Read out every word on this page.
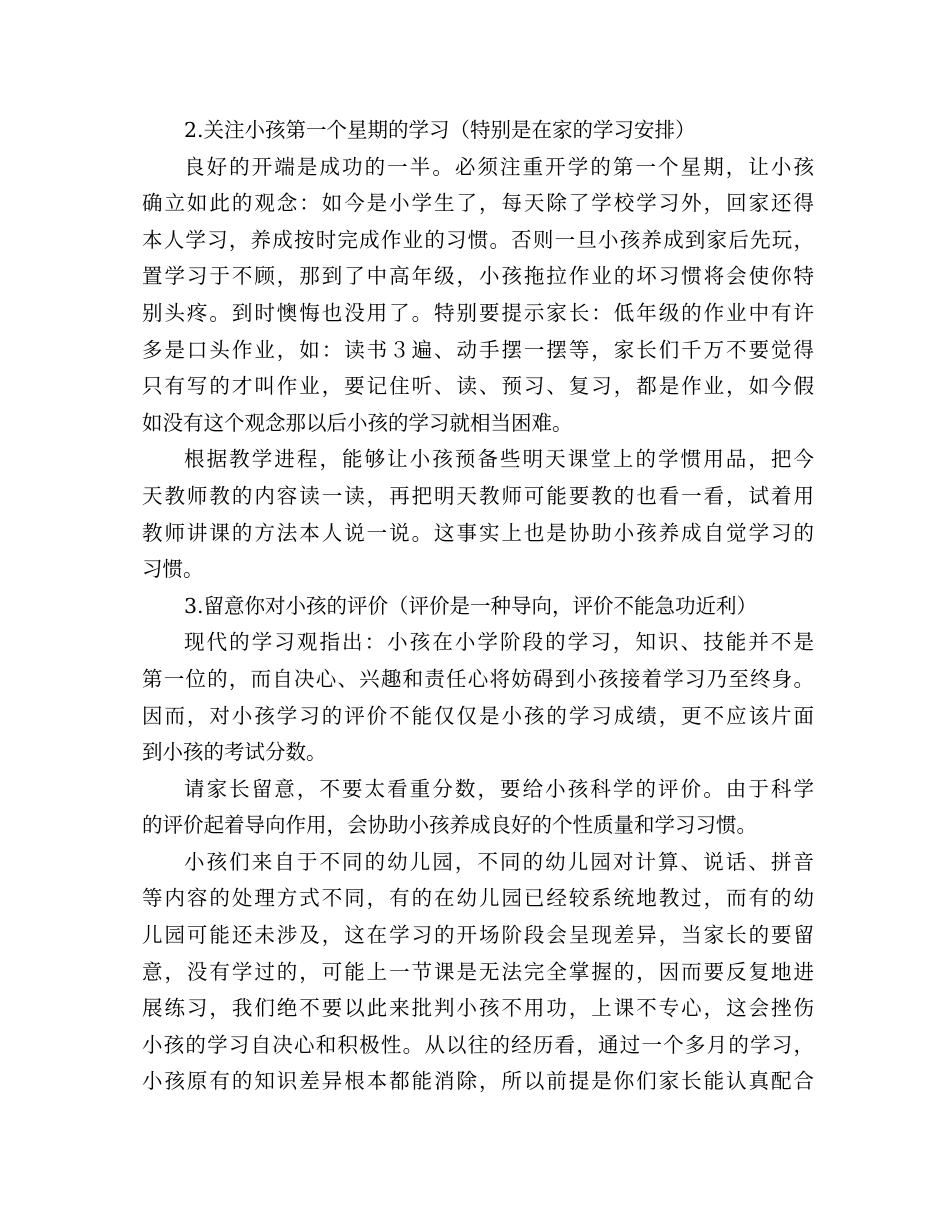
2.关注小孩第一个星期的学习（特别是在家的学习安排）
良好的开端是成功的一半。必须注重开学的第一个星期，让小孩
确立如此的观念：如今是小学生了，每天除了学校学习外，回家还得
本人学习，养成按时完成作业的习惯。否则一旦小孩养成到家后先玩，
置学习于不顾，那到了中高年级，小孩拖拉作业的坏习惯将会使你特
别头疼。到时懊悔也没用了。特别要提示家长：低年级的作业中有许
多是口头作业，如：读书３遍、动手摆一摆等，家长们千万不要觉得
只有写的才叫作业，要记住听、读、预习、复习，都是作业，如今假
如没有这个观念那以后小孩的学习就相当困难。
根据教学进程，能够让小孩预备些明天课堂上的学惯用品，把今
天教师教的内容读一读，再把明天教师可能要教的也看一看，试着用
教师讲课的方法本人说一说。这事实上也是协助小孩养成自觉学习的
习惯。
3.留意你对小孩的评价（评价是一种导向，评价不能急功近利）
现代的学习观指出：小孩在小学阶段的学习，知识、技能并不是
第一位的，而自决心、兴趣和责任心将妨碍到小孩接着学习乃至终身。
因而，对小孩学习的评价不能仅仅是小孩的学习成绩，更不应该片面
到小孩的考试分数。
请家长留意，不要太看重分数，要给小孩科学的评价。由于科学
的评价起着导向作用，会协助小孩养成良好的个性质量和学习习惯。
小孩们来自于不同的幼儿园，不同的幼儿园对计算、说话、拼音
等内容的处理方式不同，有的在幼儿园已经较系统地教过，而有的幼
儿园可能还未涉及，这在学习的开场阶段会呈现差异，当家长的要留
意，没有学过的，可能上一节课是无法完全掌握的，因而要反复地进
展练习，我们绝不要以此来批判小孩不用功，上课不专心，这会挫伤
小孩的学习自决心和积极性。从以往的经历看，通过一个多月的学习，
小孩原有的知识差异根本都能消除，所以前提是你们家长能认真配合
